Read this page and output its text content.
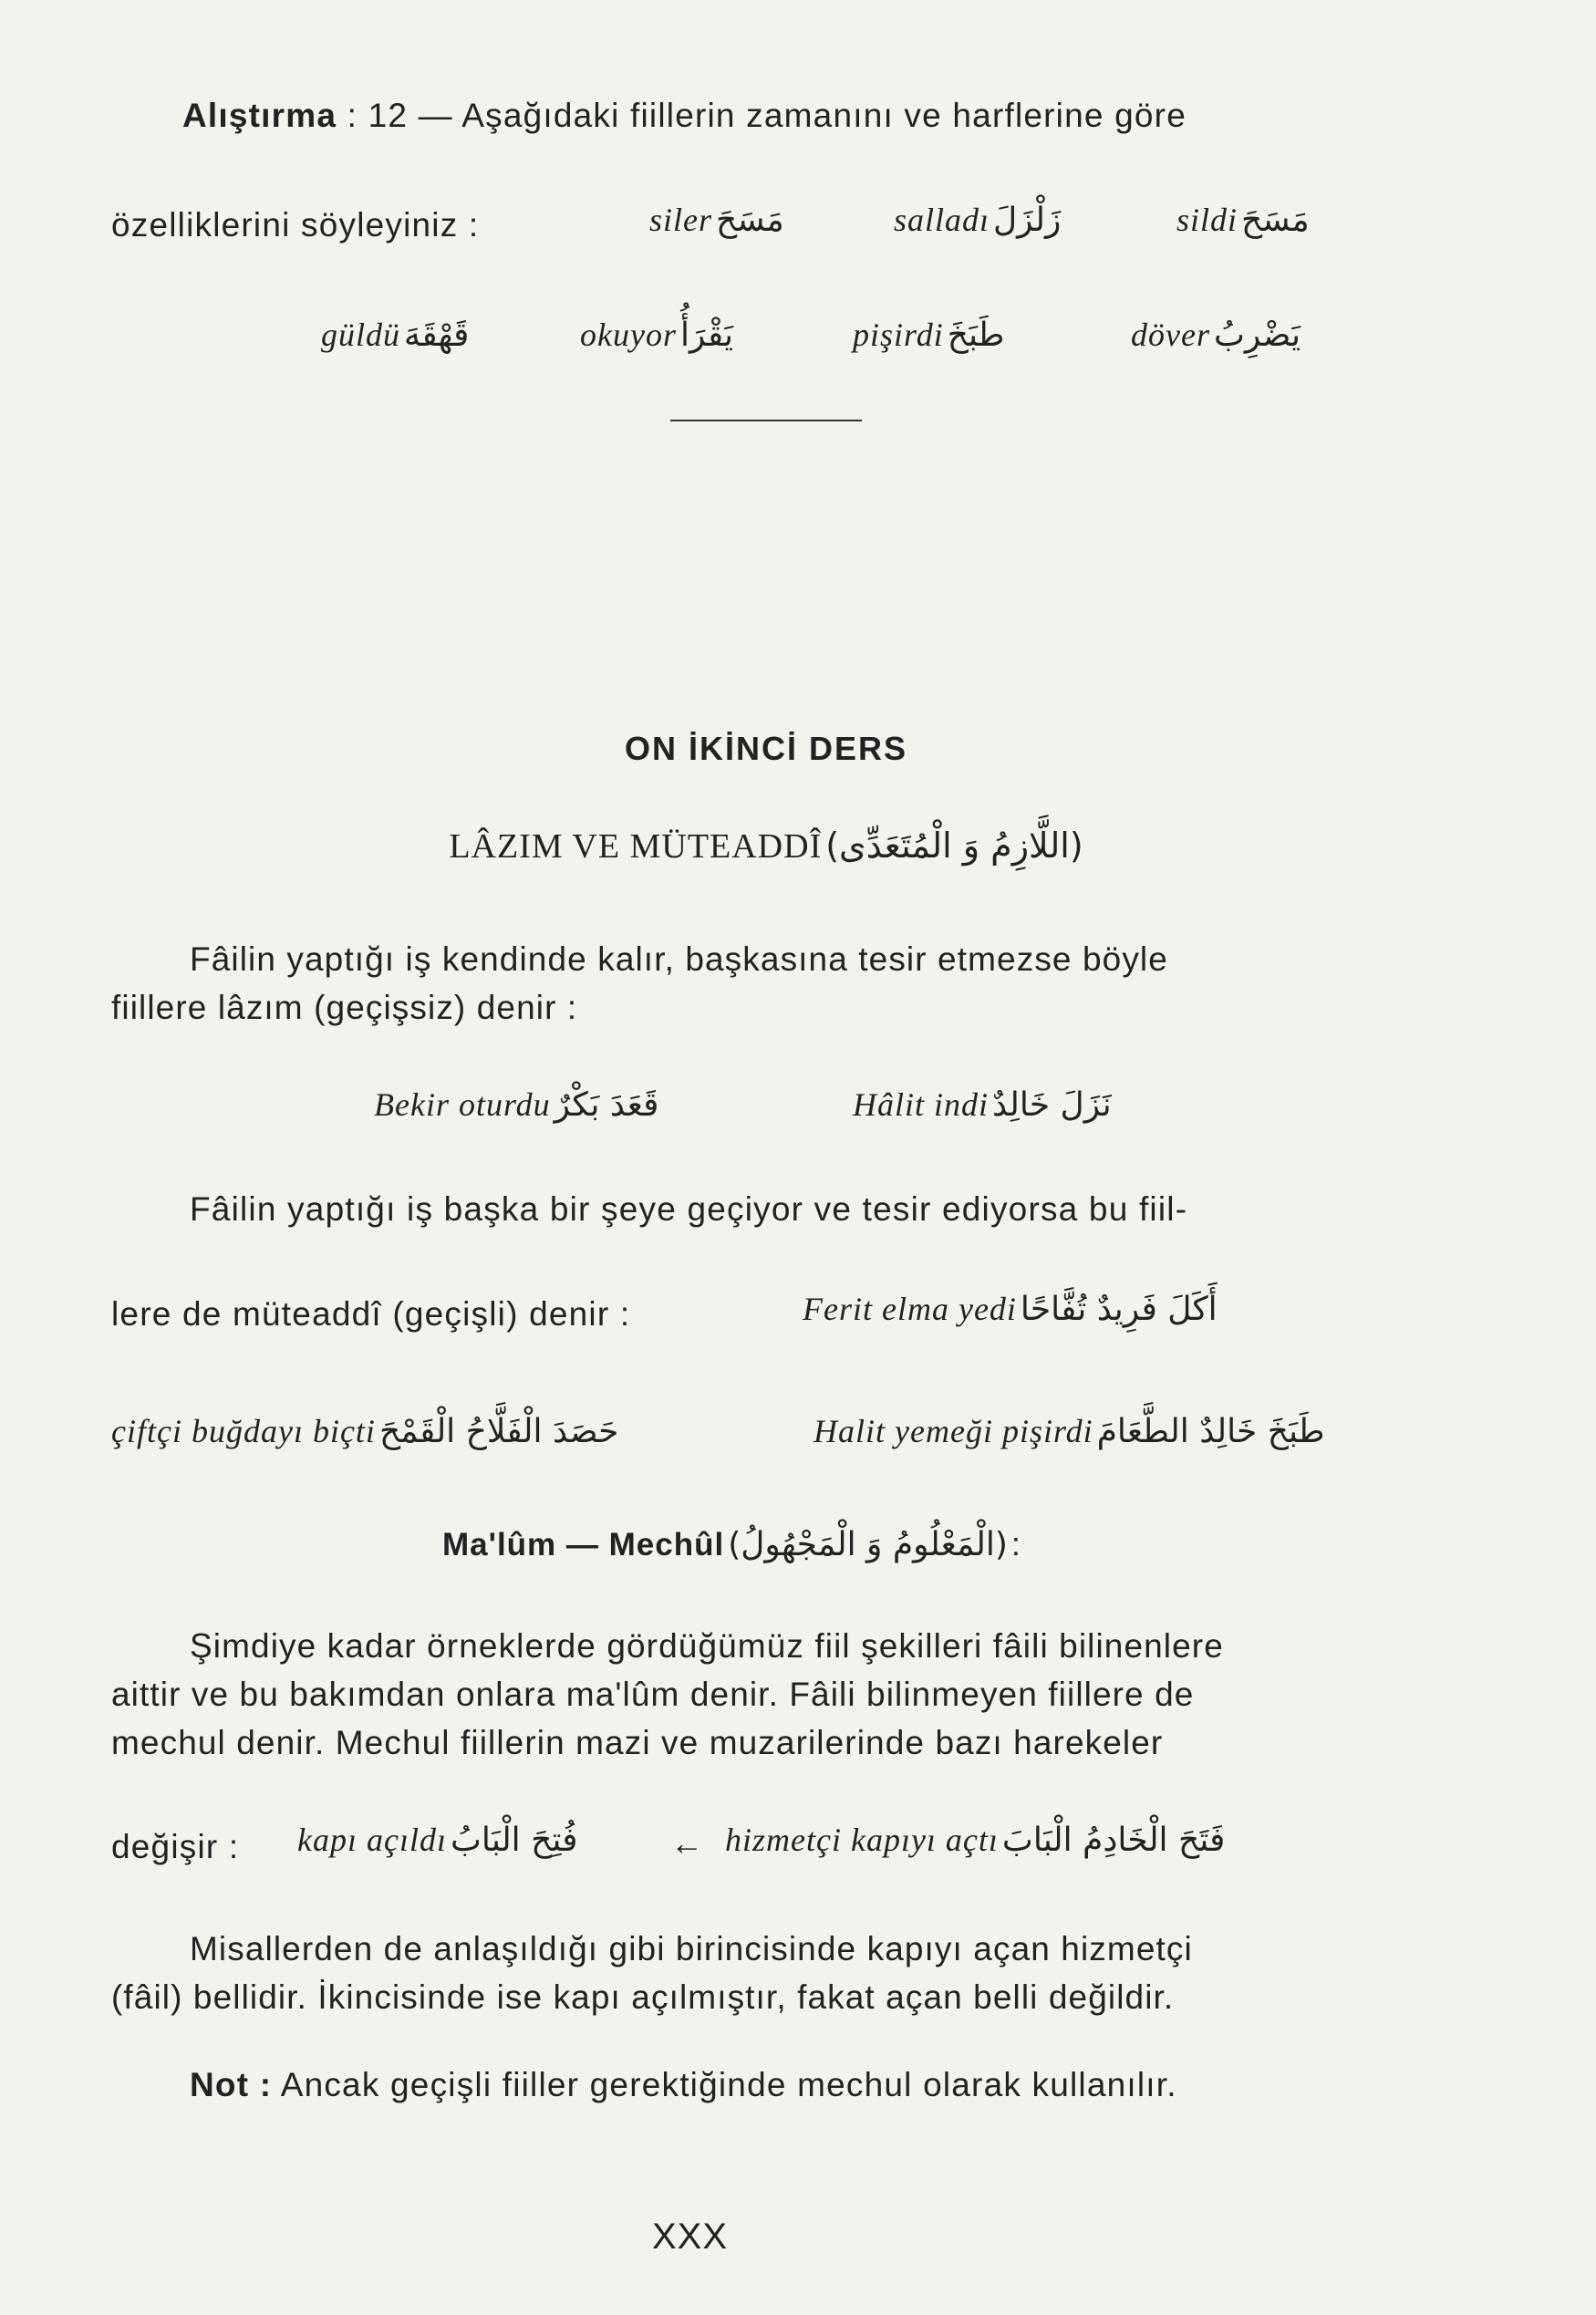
Alıştırma : 12 — Aşağıdaki fiillerin zamanını ve harflerine göre
özelliklerini söyleyiniz :	siler مَسَحَ	salladı زَلْزَلَ	sildi مَسَحَ
güldü قَهْقَهَ	okuyor يَقْرَأُ	pişirdi طَبَخَ	döver يَضْرِبُ
ON İKİNCİ DERS
LÂZIM VE MÜTEADDÎ (اللَّازِمُ وَ الْمُتَعَدِّى)
Fâilin yaptığı iş kendinde kalır, başkasına tesir etmezse böyle
fiillere lâzım (geçişsiz) denir :
Bekir oturdu قَعَدَ بَكْرٌ	Hâlit indi نَزَلَ خَالِدٌ
Fâilin yaptığı iş başka bir şeye geçiyor ve tesir ediyorsa bu fiil-
lere de müteaddî (geçişli) denir :	Ferit elma yedi أَكَلَ فَرِيدٌ تُفَّاحًا
çiftçi buğdayı biçti حَصَدَ الْفَلَّاحُ الْقَمْحَ	Halit yemeği pişirdi طَبَخَ خَالِدٌ الطَّعَامَ
Ma'lûm — Mechûl (الْمَعْلُومُ وَ الْمَجْهُولُ) :
Şimdiye kadar örneklerde gördüğümüz fiil şekilleri fâili bilinenlere
aittir ve bu bakımdan onlara ma'lûm denir. Fâili bilinmeyen fiillere de
mechul denir. Mechul fiillerin mazi ve muzarilerinde bazı harekeler
değişir : kapı açıldı فُتِحَ الْبَابُ	← hizmetçi kapıyı açtı فَتَحَ الْخَادِمُ الْبَابَ
Misallerden de anlaşıldığı gibi birincisinde kapıyı açan hizmetçi
(fâil) bellidir. İkincisinde ise kapı açılmıştır, fakat açan belli değildir.
Not : Ancak geçişli fiiller gerektiğinde mechul olarak kullanılır.
XXX
